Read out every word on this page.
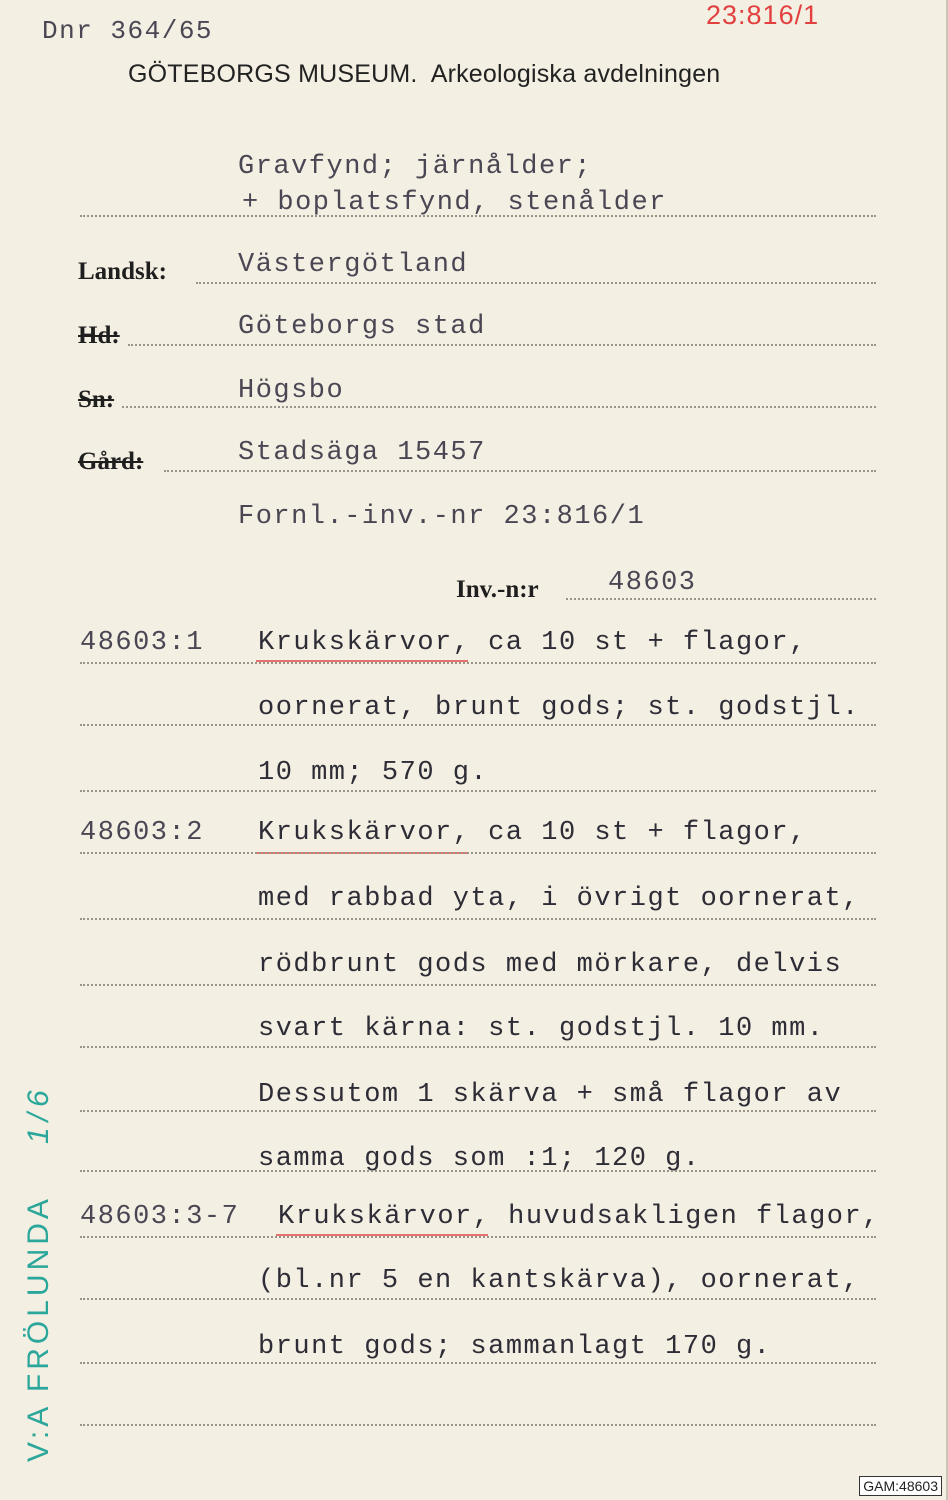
Dnr 364/65
23:816/1
GÖTEBORGS MUSEUM. Arkeologiska avdelningen
Gravfynd; järnålder;
+ boplatsfynd, stenålder
Landsk:	Västergötland
Hd:	Göteborgs stad
Sn:	Högsbo
Gård:	Stadsäga 15457
Fornl.-inv.-nr 23:816/1
Inv.-n:r	48603
48603:1 Krukskärvor, ca 10 st + flagor,
oornerat, brunt gods; st. godstjl.
10 mm; 570 g.
48603:2 Krukskärvor, ca 10 st + flagor,
med rabbad yta, i övrigt oornerat,
rödbrunt gods med mörkare, delvis
svart kärna: st. godstjl. 10 mm.
Dessutom 1 skärva + små flagor av
samma gods som :1; 120 g.
48603:3-7 Krukskärvor, huvudsakligen flagor,
(bl.nr 5 en kantskärva), oornerat,
brunt gods; sammanlagt 170 g.
V:A FRÖLUNDA
1/6
GAM:48603
